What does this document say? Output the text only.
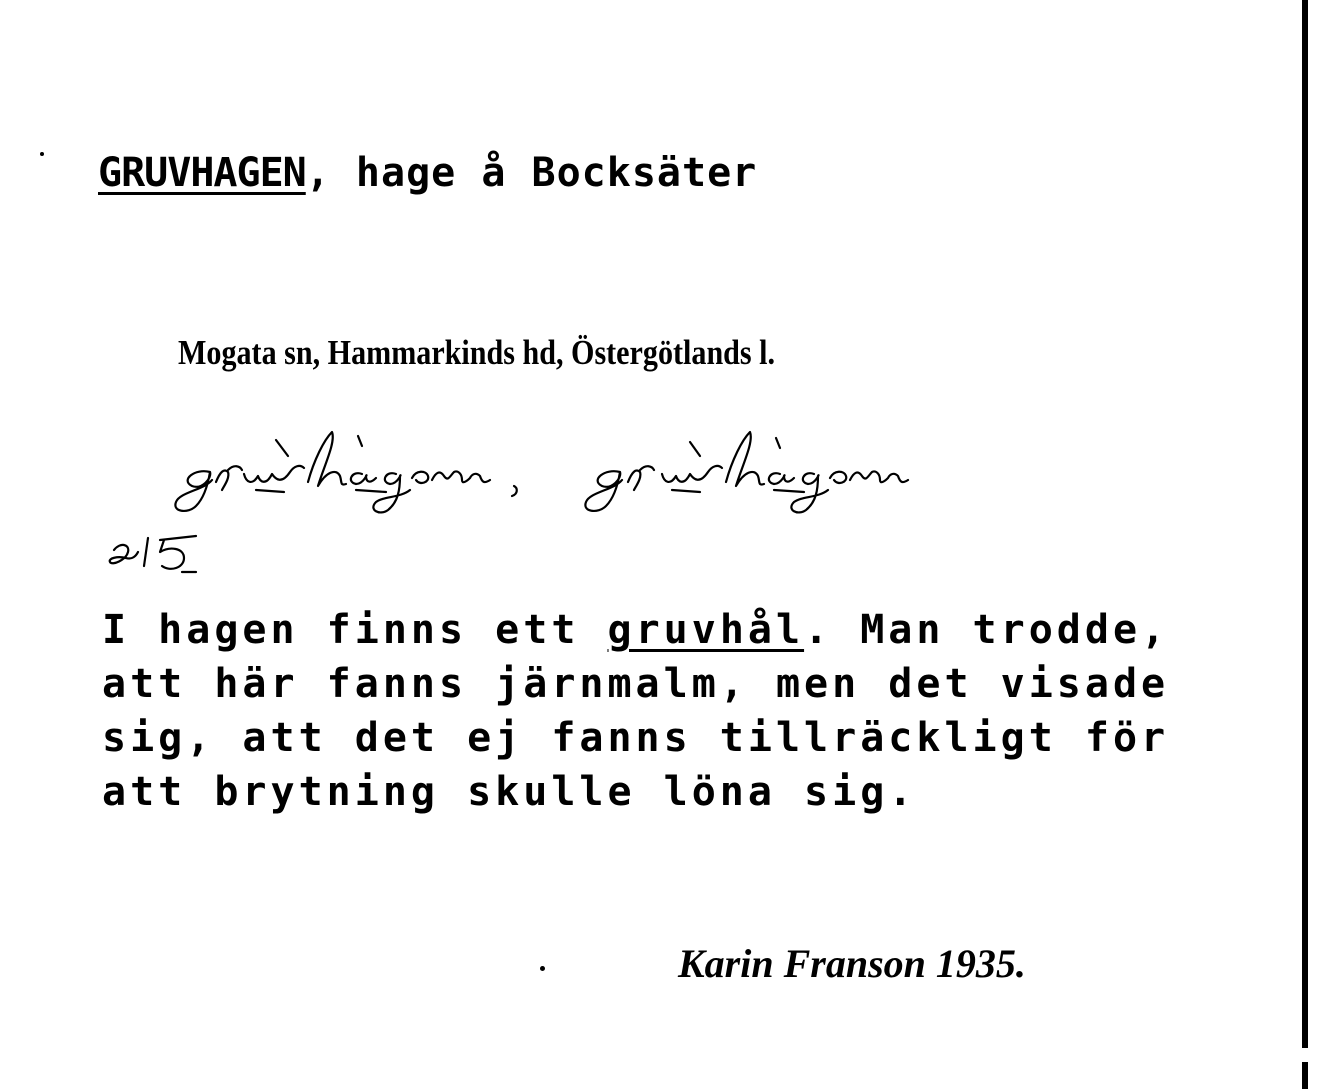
GRUVHAGEN, hage å Bocksäter
Mogata sn, Hammarkinds hd, Östergötlands l.
I hagen finns ett gruvhål. Man trodde,
att här fanns järnmalm, men det visade
sig, att det ej fanns tillräckligt för
att brytning skulle löna sig.
Karin Franson 1935.
